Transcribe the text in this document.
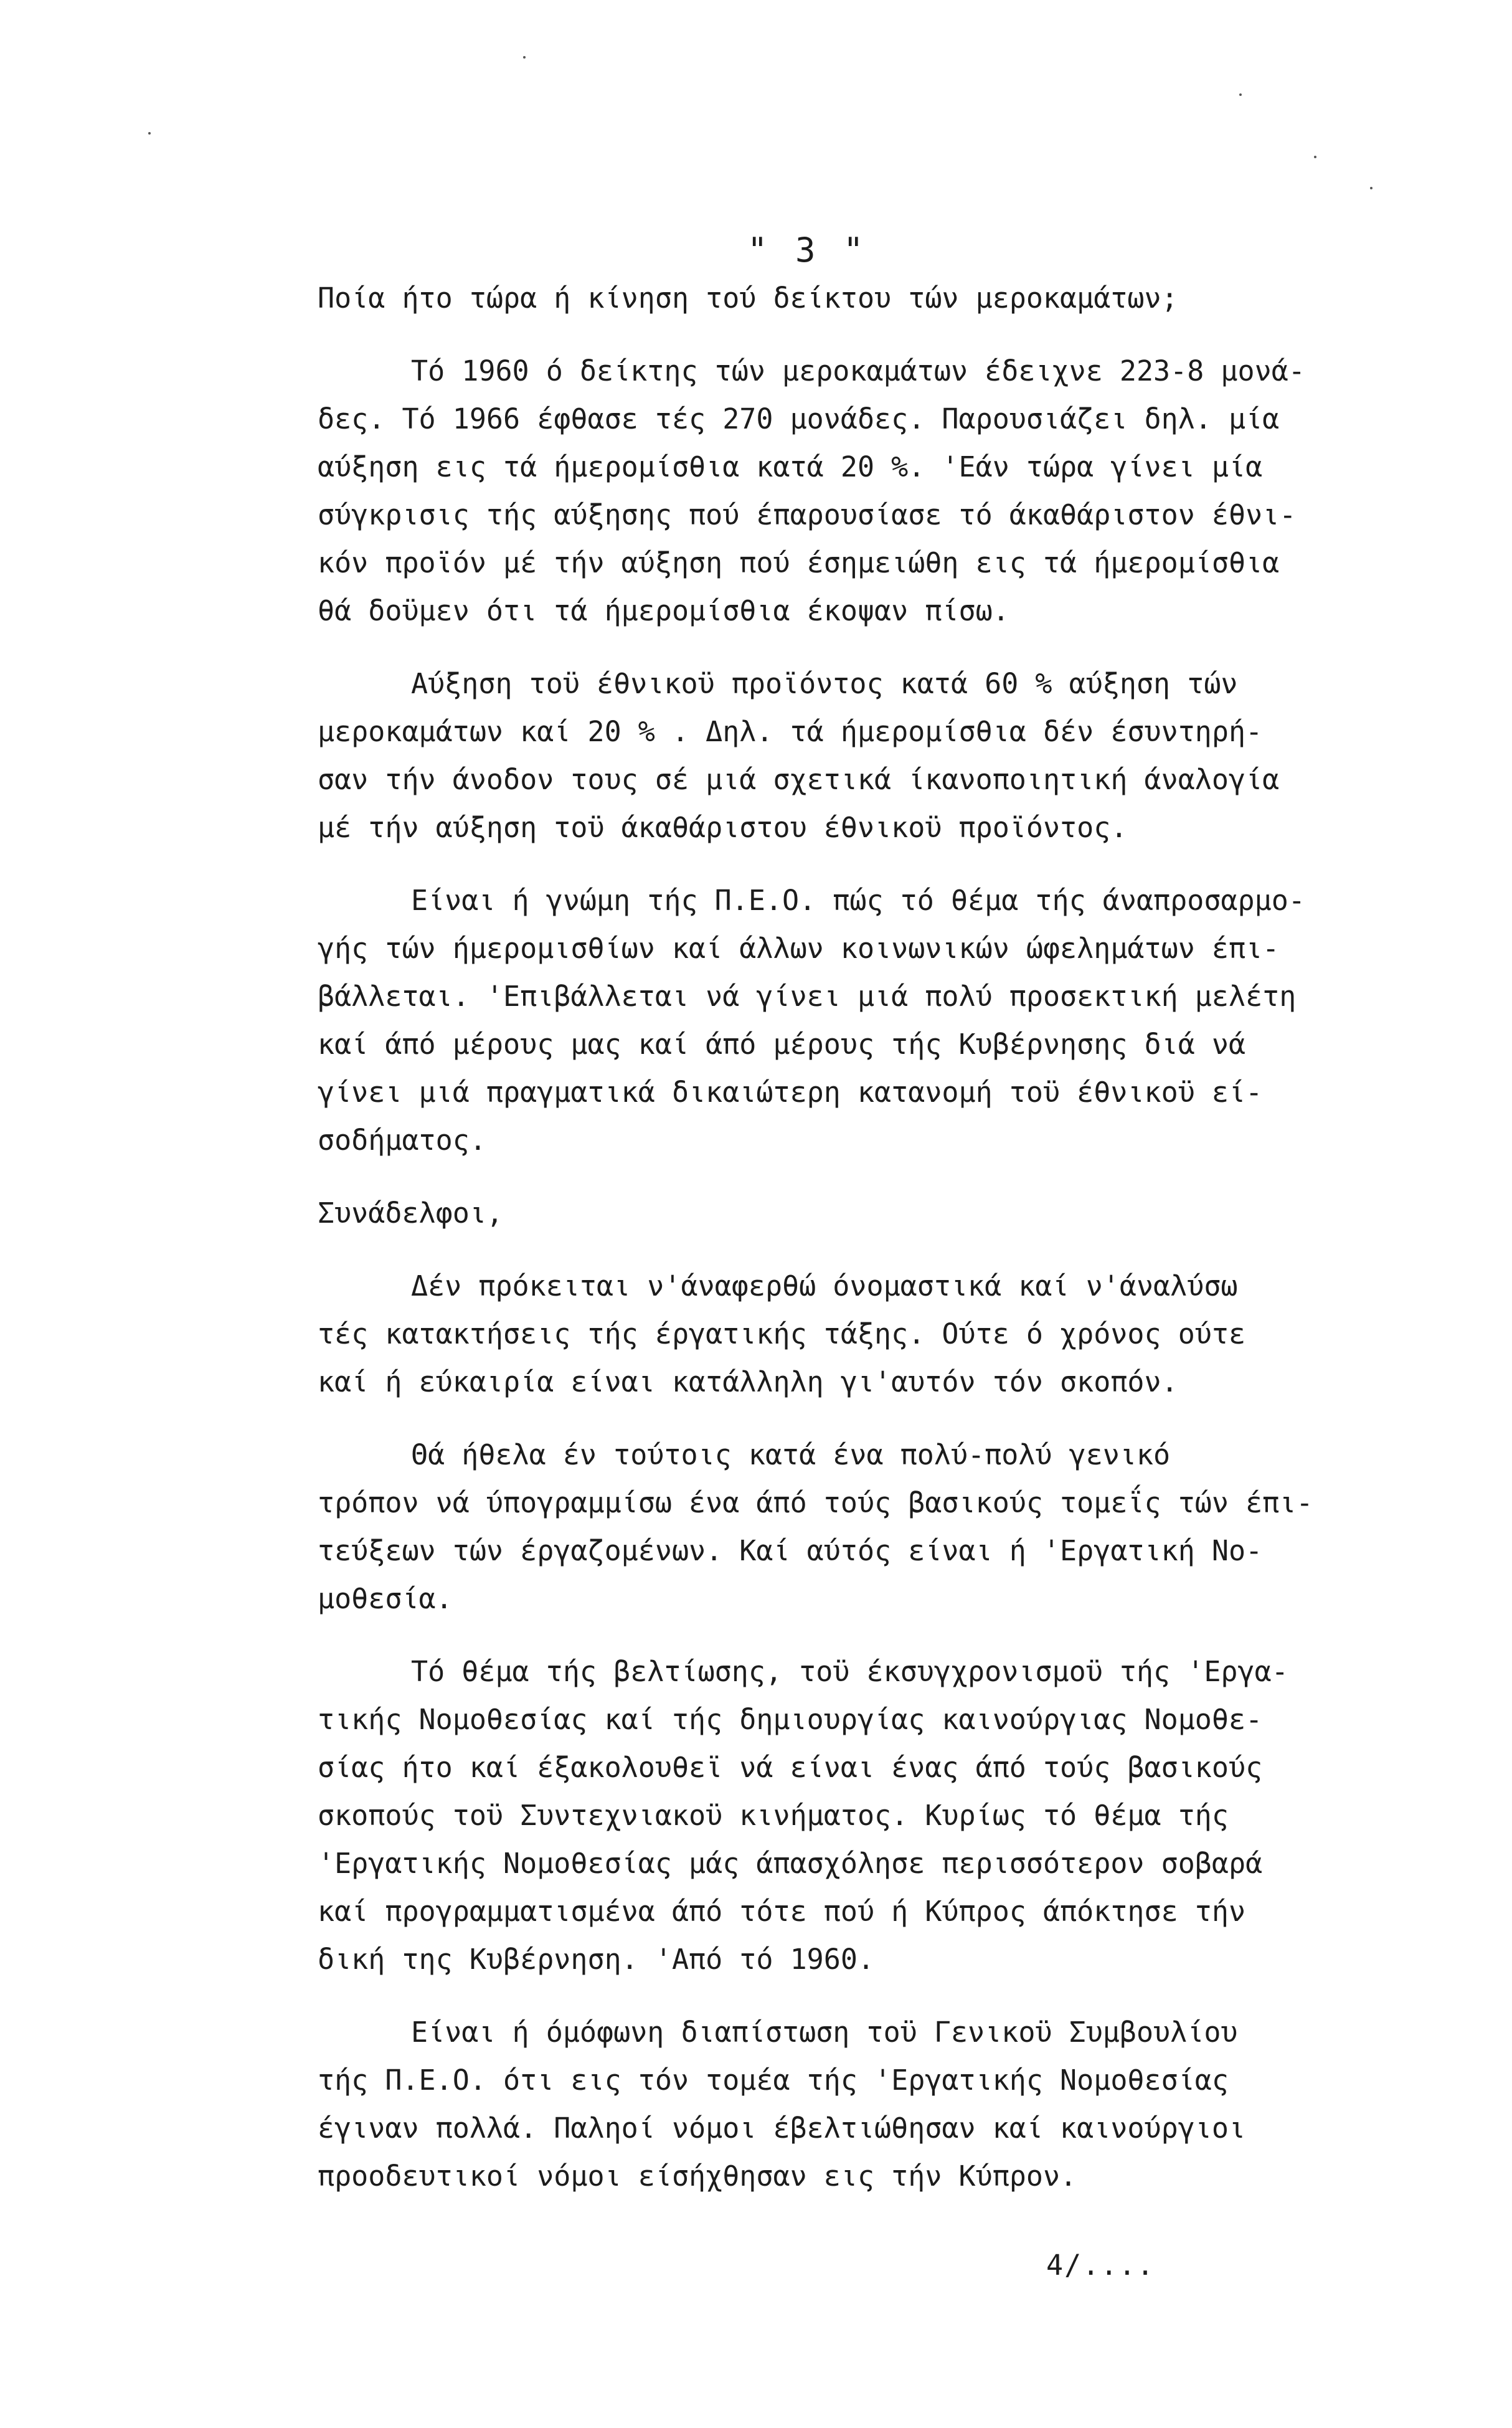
" 3 "
Ποία ήτο τώρα ή κίνηση τού δείκτου τών μεροκαμάτων;
Τό 1960 ό δείκτης τών μεροκαμάτων έδειχνε 223-8 μονά-
δες. Τό 1966 έφθασε τές 270 μονάδες. Παρουσιάζει δηλ. μία
αύξηση εις τά ήμερομίσθια κατά 20 %. 'Εάν τώρα γίνει μία
σύγκρισις τής αύξησης πού έπαρουσίασε τό άκαθάριστον έθνι-
κόν προϊόν μέ τήν αύξηση πού έσημειώθη εις τά ήμερομίσθια
θά δοϋμεν ότι τά ήμερομίσθια έκοψαν πίσω.
Αύξηση τοϋ έθνικοϋ προϊόντος κατά 60 % αύξηση τών
μεροκαμάτων καί 20 % . Δηλ. τά ήμερομίσθια δέν έσυντηρή-
σαν τήν άνοδον τους σέ μιά σχετικά ίκανοποιητική άναλογία
μέ τήν αύξηση τοϋ άκαθάριστου έθνικοϋ προϊόντος.
Είναι ή γνώμη τής Π.Ε.Ο. πώς τό θέμα τής άναπροσαρμο-
γής τών ήμερομισθίων καί άλλων κοινωνικών ώφελημάτων έπι-
βάλλεται. 'Επιβάλλεται νά γίνει μιά πολύ προσεκτική μελέτη
καί άπό μέρους μας καί άπό μέρους τής Κυβέρνησης διά νά
γίνει μιά πραγματικά δικαιώτερη κατανομή τοϋ έθνικοϋ εί-
σοδήματος.
Συνάδελφοι,
Δέν πρόκειται ν'άναφερθώ όνομαστικά καί ν'άναλύσω
τές κατακτήσεις τής έργατικής τάξης. Ούτε ό χρόνος ούτε
καί ή εύκαιρία είναι κατάλληλη γι'αυτόν τόν σκοπόν.
Θά ήθελα έν τούτοις κατά ένα πολύ-πολύ γενικό
τρόπον νά ύπογραμμίσω ένα άπό τούς βασικούς τομεΐς τών έπι-
τεύξεων τών έργαζομένων. Καί αύτός είναι ή 'Εργατική Νο-
μοθεσία.
Τό θέμα τής βελτίωσης, τοϋ έκσυγχρονισμοϋ τής 'Εργα-
τικής Νομοθεσίας καί τής δημιουργίας καινούργιας Νομοθε-
σίας ήτο καί έξακολουθεϊ νά είναι ένας άπό τούς βασικούς
σκοπούς τοϋ Συντεχνιακοϋ κινήματος. Κυρίως τό θέμα τής
'Εργατικής Νομοθεσίας μάς άπασχόλησε περισσότερον σοβαρά
καί προγραμματισμένα άπό τότε πού ή Κύπρος άπόκτησε τήν
δική της Κυβέρνηση. 'Από τό 1960.
Είναι ή όμόφωνη διαπίστωση τοϋ Γενικοϋ Συμβουλίου
τής Π.Ε.Ο. ότι εις τόν τομέα τής 'Εργατικής Νομοθεσίας
έγιναν πολλά. Παληοί νόμοι έβελτιώθησαν καί καινούργιοι
προοδευτικοί νόμοι είσήχθησαν εις τήν Κύπρον.
4/....
